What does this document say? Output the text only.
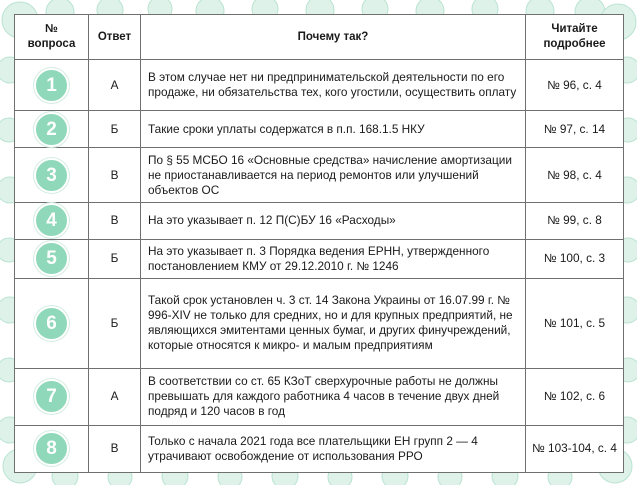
№
вопроса	Ответ	Почему так?	Читайте подробнее
1	А	В этом случае нет ни предпринимательской деятельности по его продаже, ни обязательства тех, кого угостили, осуществить оплату	№ 96, с. 4
2	Б	Такие сроки уплаты содержатся в п.п. 168.1.5 НКУ	№ 97, с. 14
3	В	По § 55 МСБО 16 «Основные средства» начисление амортизации не приостанавливается на период ремонтов или улучшений объектов ОС	№ 98, с. 4
4	В	На это указывает п. 12 П(С)БУ 16 «Расходы»	№ 99, с. 8
5	Б	На это указывает п. 3 Порядка ведения ЕРНН, утвержденного постановлением КМУ от 29.12.2010 г. № 1246	№ 100, с. 3
6	Б	Такой срок установлен ч. 3 ст. 14 Закона Украины от 16.07.99 г. № 996-XIV не только для средних, но и для крупных предприятий, не являющихся эмитентами ценных бумаг, и других финучреждений, которые относятся к микро- и малым предприятиям	№ 101, с. 5
7	А	В соответствии со ст. 65 КЗоТ сверхурочные работы не должны превышать для каждого работника 4 часов в течение двух дней подряд и 120 часов в год	№ 102, с. 6
8	В	Только с начала 2021 года все плательщики ЕН групп 2 — 4 утрачивают освобождение от использования РРО	№ 103-104, с. 4
